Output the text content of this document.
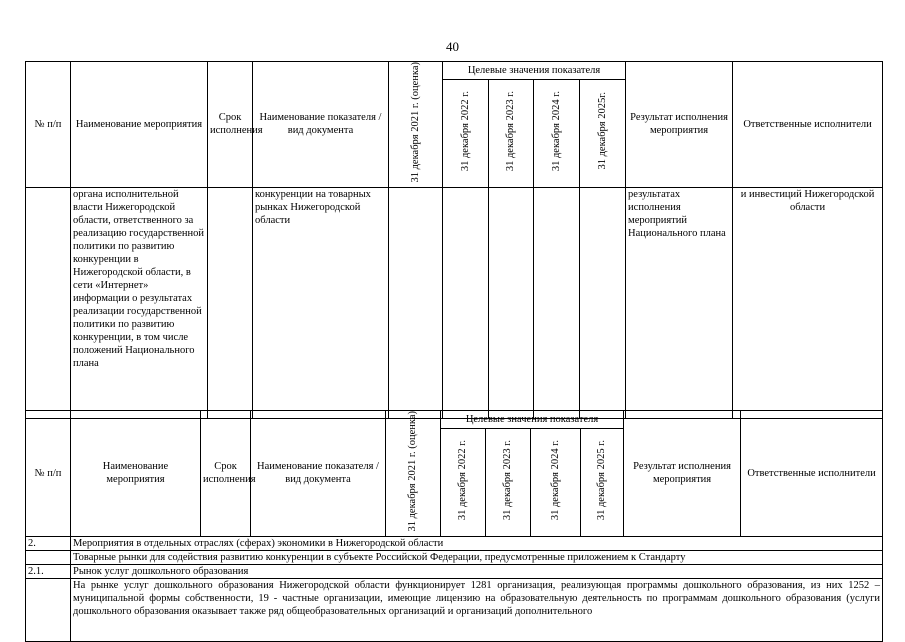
40
№ п/п	Наименование мероприятия	Срок исполнения	Наименование показателя / вид документа	31 декабря 2021 г. (оценка)	Целевые значения показателя				Результат исполнения мероприятия	Ответственные исполнители
					31 декабря 2022 г.	31 декабря 2023 г.	31 декабря 2024 г.	31 декабря 2025г.		
	органа исполнительной власти Нижегородской области, ответственного за реализацию государственной политики по развитию конкуренции в Нижегородской области, в сети «Интернет» информации о результатах реализации государственной политики по развитию конкуренции, в том числе положений Национального плана		конкуренции на товарных рынках Нижегородской области						результатах исполнения мероприятий Национального плана	и инвестиций Нижегородской области
№ п/п	Наименование мероприятия	Срок исполнения	Наименование показателя / вид документа	31 декабря 2021 г. (оценка)	Целевые значения показателя				Результат исполнения мероприятия	Ответственные исполнители
					31 декабря 2022 г.	31 декабря 2023 г.	31 декабря 2024 г.	31 декабря 2025 г.		
2.	Мероприятия в отдельных отраслях (сферах) экономики в Нижегородской области									
	Товарные рынки для содействия развитию конкуренции в субъекте Российской Федерации, предусмотренные приложением к Стандарту									
2.1.	Рынок услуг дошкольного образования									
	На рынке услуг дошкольного образования Нижегородской области функционирует 1281 организация, реализующая программы дошкольного образования, из них 1252 – муниципальной формы собственности, 19 - частные организации, имеющие лицензию на образовательную деятельность по программам дошкольного образования (услуги дошкольного образования оказывает также ряд общеобразовательных организаций и организаций дополнительного									
